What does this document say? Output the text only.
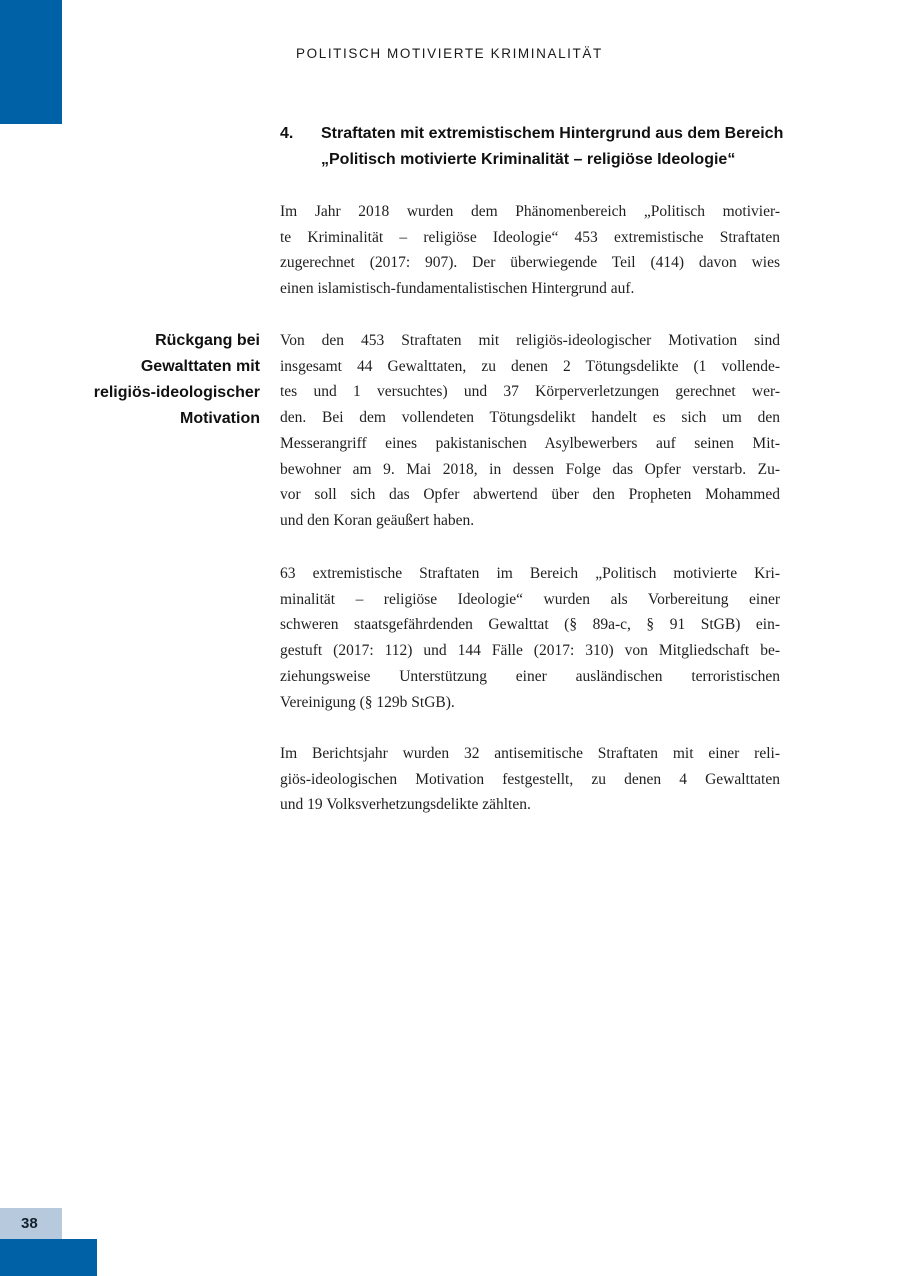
POLITISCH MOTIVIERTE KRIMINALITÄT
4.	Straftaten mit extremistischem Hintergrund aus dem Bereich
„Politisch motivierte Kriminalität – religiöse Ideologie“
Rückgang bei
Gewalttaten mit
religiös-ideologischer
Motivation
Im Jahr 2018 wurden dem Phänomenbereich „Politisch motivier-
te Kriminalität – religiöse Ideologie“ 453 extremistische Straftaten
zugerechnet (2017: 907). Der überwiegende Teil (414) davon wies
einen islamistisch-fundamentalistischen Hintergrund auf.
Von den 453 Straftaten mit religiös-ideologischer Motivation sind
insgesamt 44 Gewalttaten, zu denen 2 Tötungsdelikte (1 vollende-
tes und 1 versuchtes) und 37 Körperverletzungen gerechnet wer-
den. Bei dem vollendeten Tötungsdelikt handelt es sich um den
Messerangriff eines pakistanischen Asylbewerbers auf seinen Mit-
bewohner am 9. Mai 2018, in dessen Folge das Opfer verstarb. Zu-
vor soll sich das Opfer abwertend über den Propheten Mohammed
und den Koran geäußert haben.
63 extremistische Straftaten im Bereich „Politisch motivierte Kri-
minalität – religiöse Ideologie“ wurden als Vorbereitung einer
schweren staatsgefährdenden Gewalttat (§ 89a-c, § 91 StGB) ein-
gestuft (2017: 112) und 144 Fälle (2017: 310) von Mitgliedschaft be-
ziehungsweise Unterstützung einer ausländischen terroristischen
Vereinigung (§ 129b StGB).
Im Berichtsjahr wurden 32 antisemitische Straftaten mit einer reli-
giös-ideologischen Motivation festgestellt, zu denen 4 Gewalttaten
und 19 Volksverhetzungsdelikte zählten.
38
